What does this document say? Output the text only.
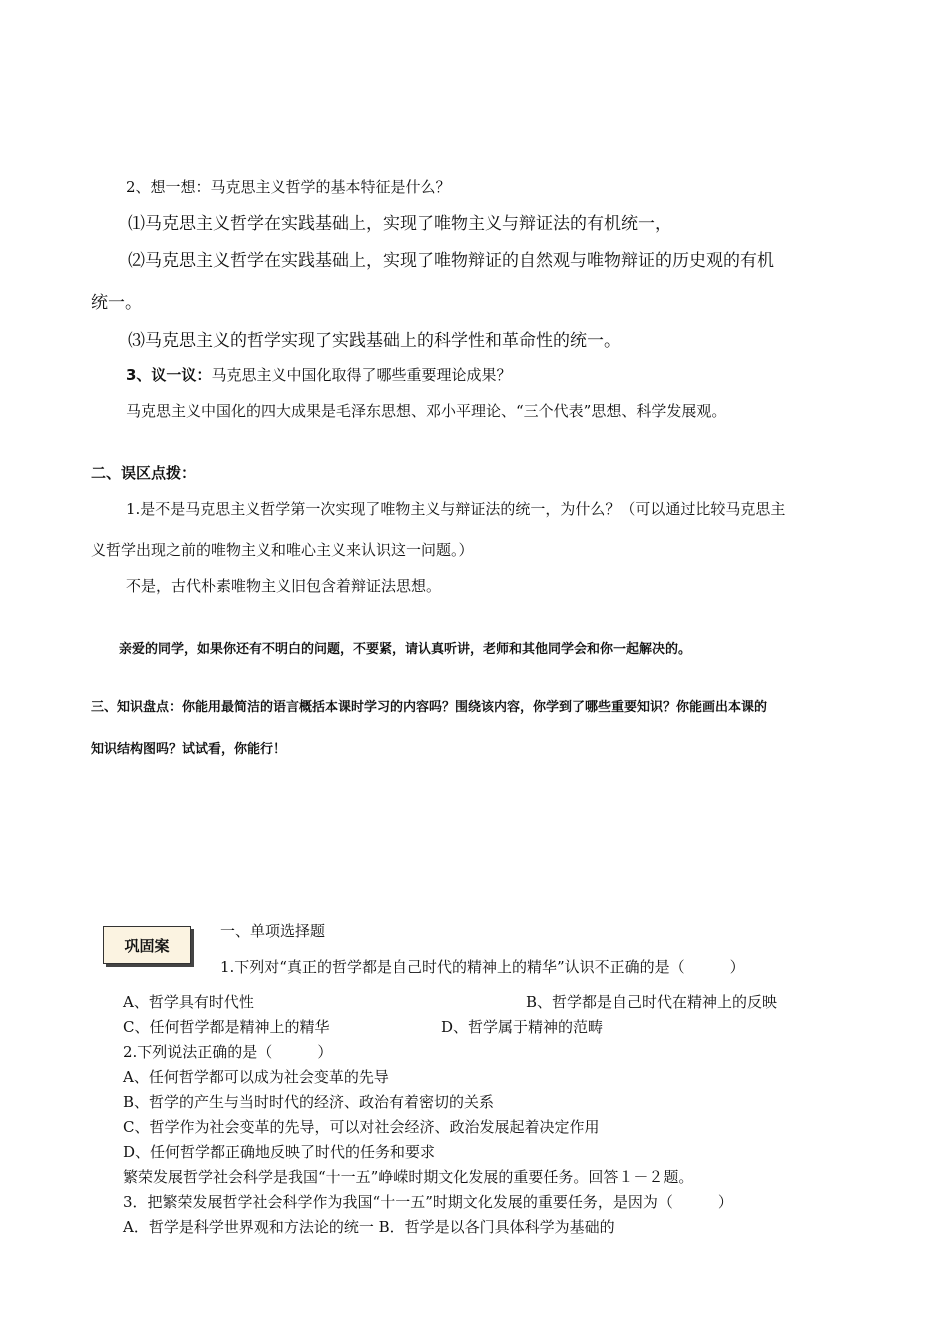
2、想一想：马克思主义哲学的基本特征是什么？
⑴马克思主义哲学在实践基础上，实现了唯物主义与辩证法的有机统一，
⑵马克思主义哲学在实践基础上，实现了唯物辩证的自然观与唯物辩证的历史观的有机
统一。
⑶马克思主义的哲学实现了实践基础上的科学性和革命性的统一。
3、议一议：马克思主义中国化取得了哪些重要理论成果？
马克思主义中国化的四大成果是毛泽东思想、邓小平理论、“三个代表”思想、科学发展观。
二、误区点拨：
1.是不是马克思主义哲学第一次实现了唯物主义与辩证法的统一，为什么？（可以通过比较马克思主
义哲学出现之前的唯物主义和唯心主义来认识这一问题。）
不是，古代朴素唯物主义旧包含着辩证法思想。
亲爱的同学，如果你还有不明白的问题，不要紧，请认真听讲，老师和其他同学会和你一起解决的。
三、知识盘点：你能用最简洁的语言概括本课时学习的内容吗？围绕该内容，你学到了哪些重要知识？你能画出本课的
知识结构图吗？试试看，你能行！
巩固案
一、单项选择题
1.下列对“真正的哲学都是自己时代的精神上的精华”认识不正确的是（　　　）
A、哲学具有时代性	B、哲学都是自己时代在精神上的反映
C、任何哲学都是精神上的精华	D、哲学属于精神的范畴
2.下列说法正确的是（　　　）
A、任何哲学都可以成为社会变革的先导
B、哲学的产生与当时时代的经济、政治有着密切的关系
C、哲学作为社会变革的先导，可以对社会经济、政治发展起着决定作用
D、任何哲学都正确地反映了时代的任务和要求
繁荣发展哲学社会科学是我国“十一五”峥嵘时期文化发展的重要任务。回答１－２题。
3．把繁荣发展哲学社会科学作为我国“十一五”时期文化发展的重要任务，是因为（　　　）
A．哲学是科学世界观和方法论的统一 B．哲学是以各门具体科学为基础的
